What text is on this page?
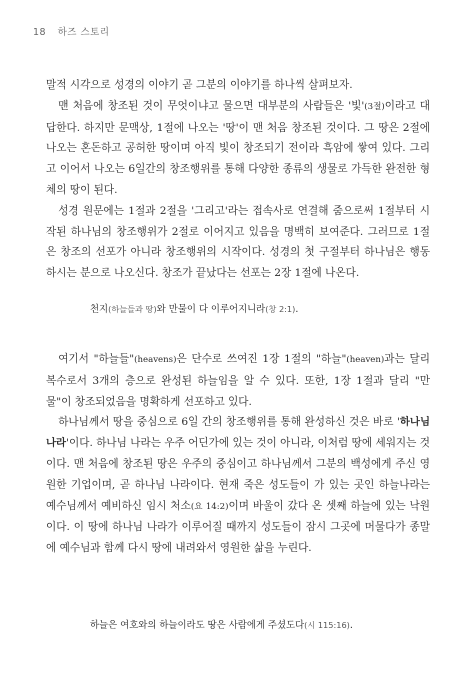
18 하즈 스토리

말적 시각으로 성경의 이야기 곧 그분의 이야기를 하나씩 살펴보자.

맨 처음에 창조된 것이 무엇이냐고 물으면 대부분의 사람들은 '빛'(3절)이라고 대답한다. 하지만 문맥상, 1절에 나오는 '땅'이 맨 처음 창조된 것이다. 그 땅은 2절에 나오는 혼돈하고 공허한 땅이며 아직 빛이 창조되기 전이라 흑암에 쌓여 있다. 그리고 이어서 나오는 6일간의 창조행위를 통해 다양한 종류의 생물로 가득한 완전한 형체의 땅이 된다.

성경 원문에는 1절과 2절을 '그리고'라는 접속사로 연결해 줌으로써 1절부터 시작된 하나님의 창조행위가 2절로 이어지고 있음을 명백히 보여준다. 그러므로 1절은 창조의 선포가 아니라 창조행위의 시작이다. 성경의 첫 구절부터 하나님은 행동하시는 분으로 나오신다. 창조가 끝났다는 선포는 2장 1절에 나온다.

천지(하늘들과 땅)와 만물이 다 이루어지니라(창 2:1).

여기서 "하늘들"(heavens)은 단수로 쓰여진 1장 1절의 "하늘"(heaven)과는 달리 복수로서 3개의 층으로 완성된 하늘임을 알 수 있다. 또한, 1장 1절과 달리 "만물"이 창조되었음을 명확하게 선포하고 있다.

하나님께서 땅을 중심으로 6일 간의 창조행위를 통해 완성하신 것은 바로 '하나님 나라'이다. 하나님 나라는 우주 어딘가에 있는 것이 아니라, 이처럼 땅에 세워지는 것이다. 맨 처음에 창조된 땅은 우주의 중심이고 하나님께서 그분의 백성에게 주신 영원한 기업이며, 곧 하나님 나라이다. 현재 죽은 성도들이 가 있는 곳인 하늘나라는 예수님께서 예비하신 임시 처소(요 14:2)이며 바울이 갔다 온 셋째 하늘에 있는 낙원이다. 이 땅에 하나님 나라가 이루어질 때까지 성도들이 잠시 그곳에 머물다가 종말에 예수님과 함께 다시 땅에 내려와서 영원한 삶을 누린다.

하늘은 여호와의 하늘이라도 땅은 사람에게 주셨도다(시 115:16).
